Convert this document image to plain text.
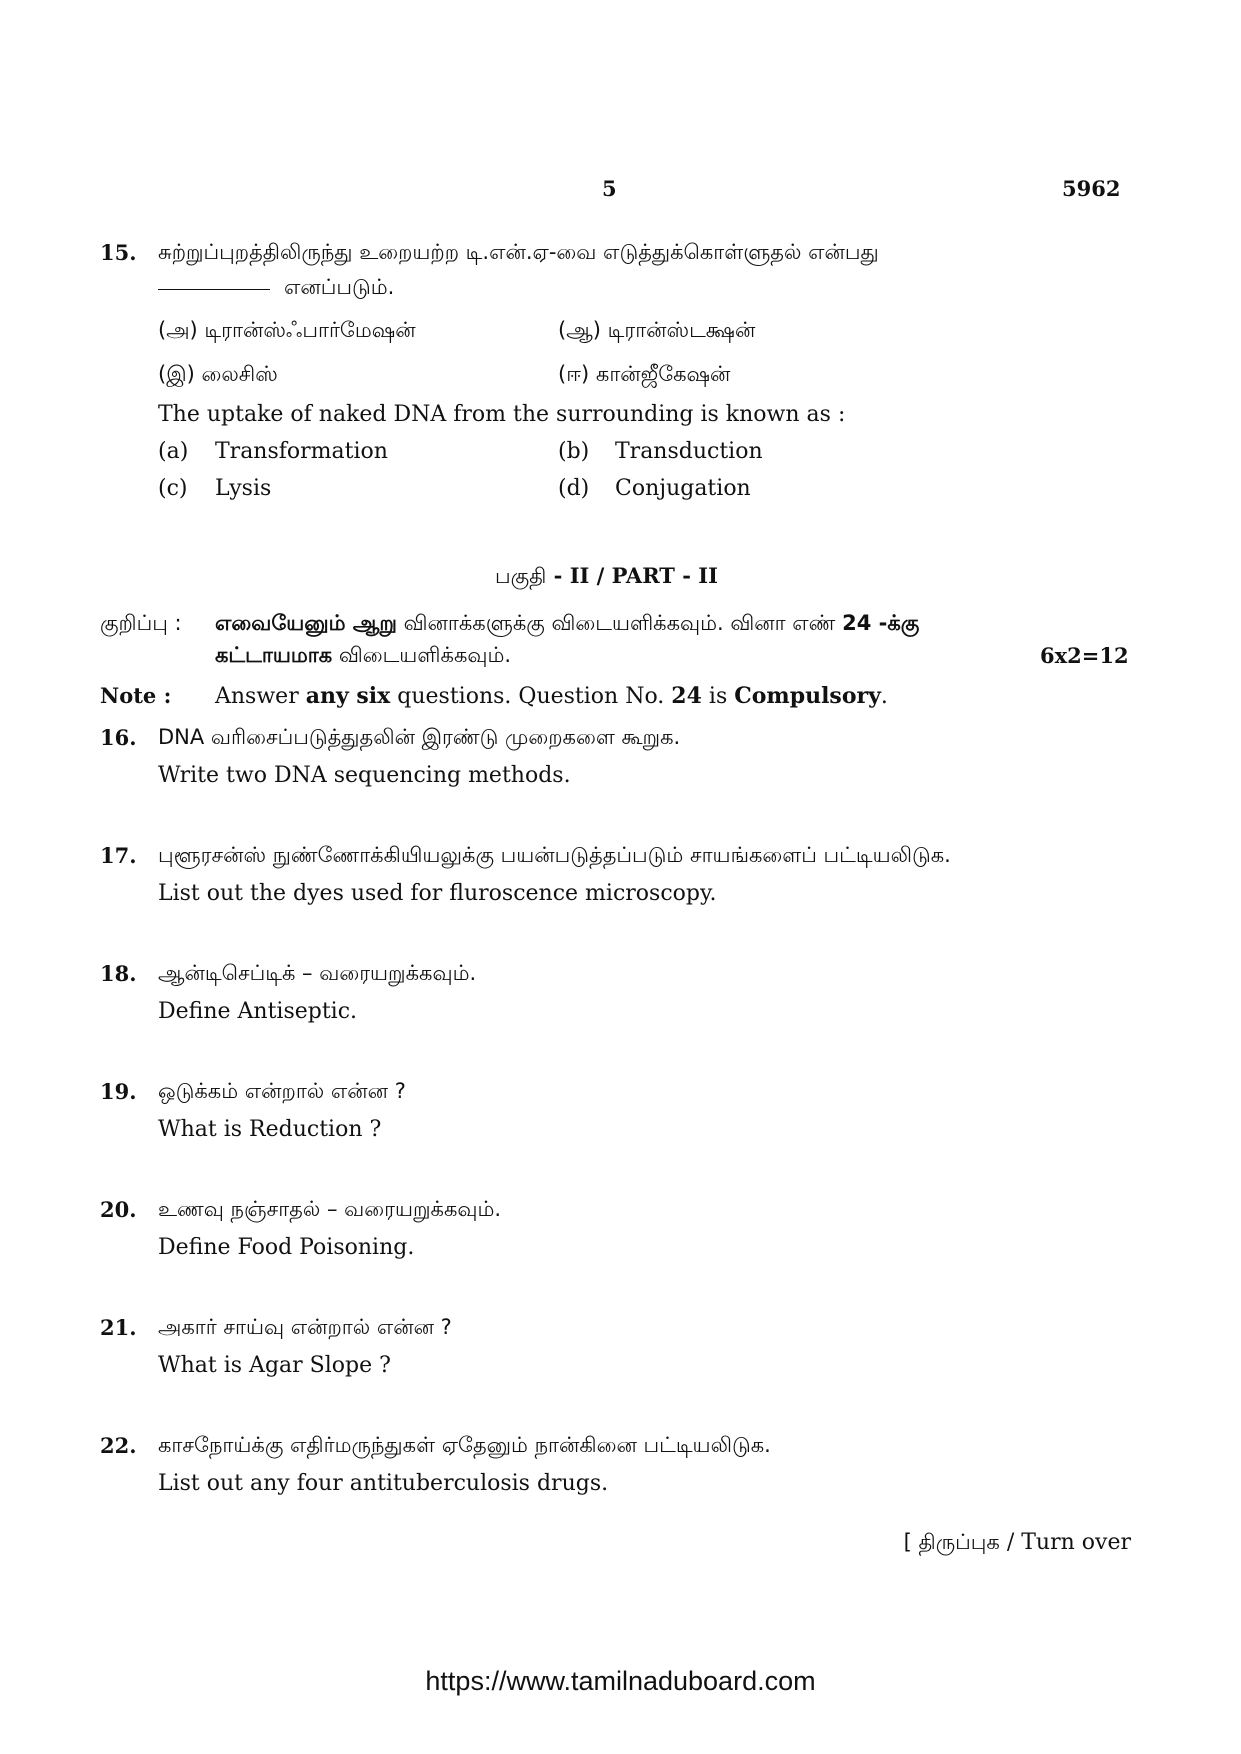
5	5962
15. சுற்றுப்புறத்திலிருந்து உறையற்ற டி.என்.ஏ-வை எடுத்துக்கொள்ளுதல் என்பது
எனப்படும்.
(அ) டிரான்ஸ்ஃபார்மேஷன்	(ஆ) டிரான்ஸ்டக்ஷன்
(இ) லைசிஸ்	(ஈ) கான்ஜீகேஷன்
The uptake of naked DNA from the surrounding is known as :
(a) Transformation	(b) Transduction
(c) Lysis	(d) Conjugation
பகுதி - II / PART - II
குறிப்பு : எவையேனும் ஆறு வினாக்களுக்கு விடையளிக்கவும். வினா எண் 24 -க்கு
கட்டாயமாக விடையளிக்கவும்.	6x2=12
Note : Answer any six questions. Question No. 24 is Compulsory.
16. DNA வரிசைப்படுத்துதலின் இரண்டு முறைகளை கூறுக.
Write two DNA sequencing methods.
17. புளூரசன்ஸ் நுண்ணோக்கியியலுக்கு பயன்படுத்தப்படும் சாயங்களைப் பட்டியலிடுக.
List out the dyes used for fluroscence microscopy.
18. ஆன்டிசெப்டிக் – வரையறுக்கவும்.
Define Antiseptic.
19. ஒடுக்கம் என்றால் என்ன ?
What is Reduction ?
20. உணவு நஞ்சாதல் – வரையறுக்கவும்.
Define Food Poisoning.
21. அகார் சாய்வு என்றால் என்ன ?
What is Agar Slope ?
22. காசநோய்க்கு எதிர்மருந்துகள் ஏதேனும் நான்கினை பட்டியலிடுக.
List out any four antituberculosis drugs.
[ திருப்புக / Turn over
https://www.tamilnaduboard.com
